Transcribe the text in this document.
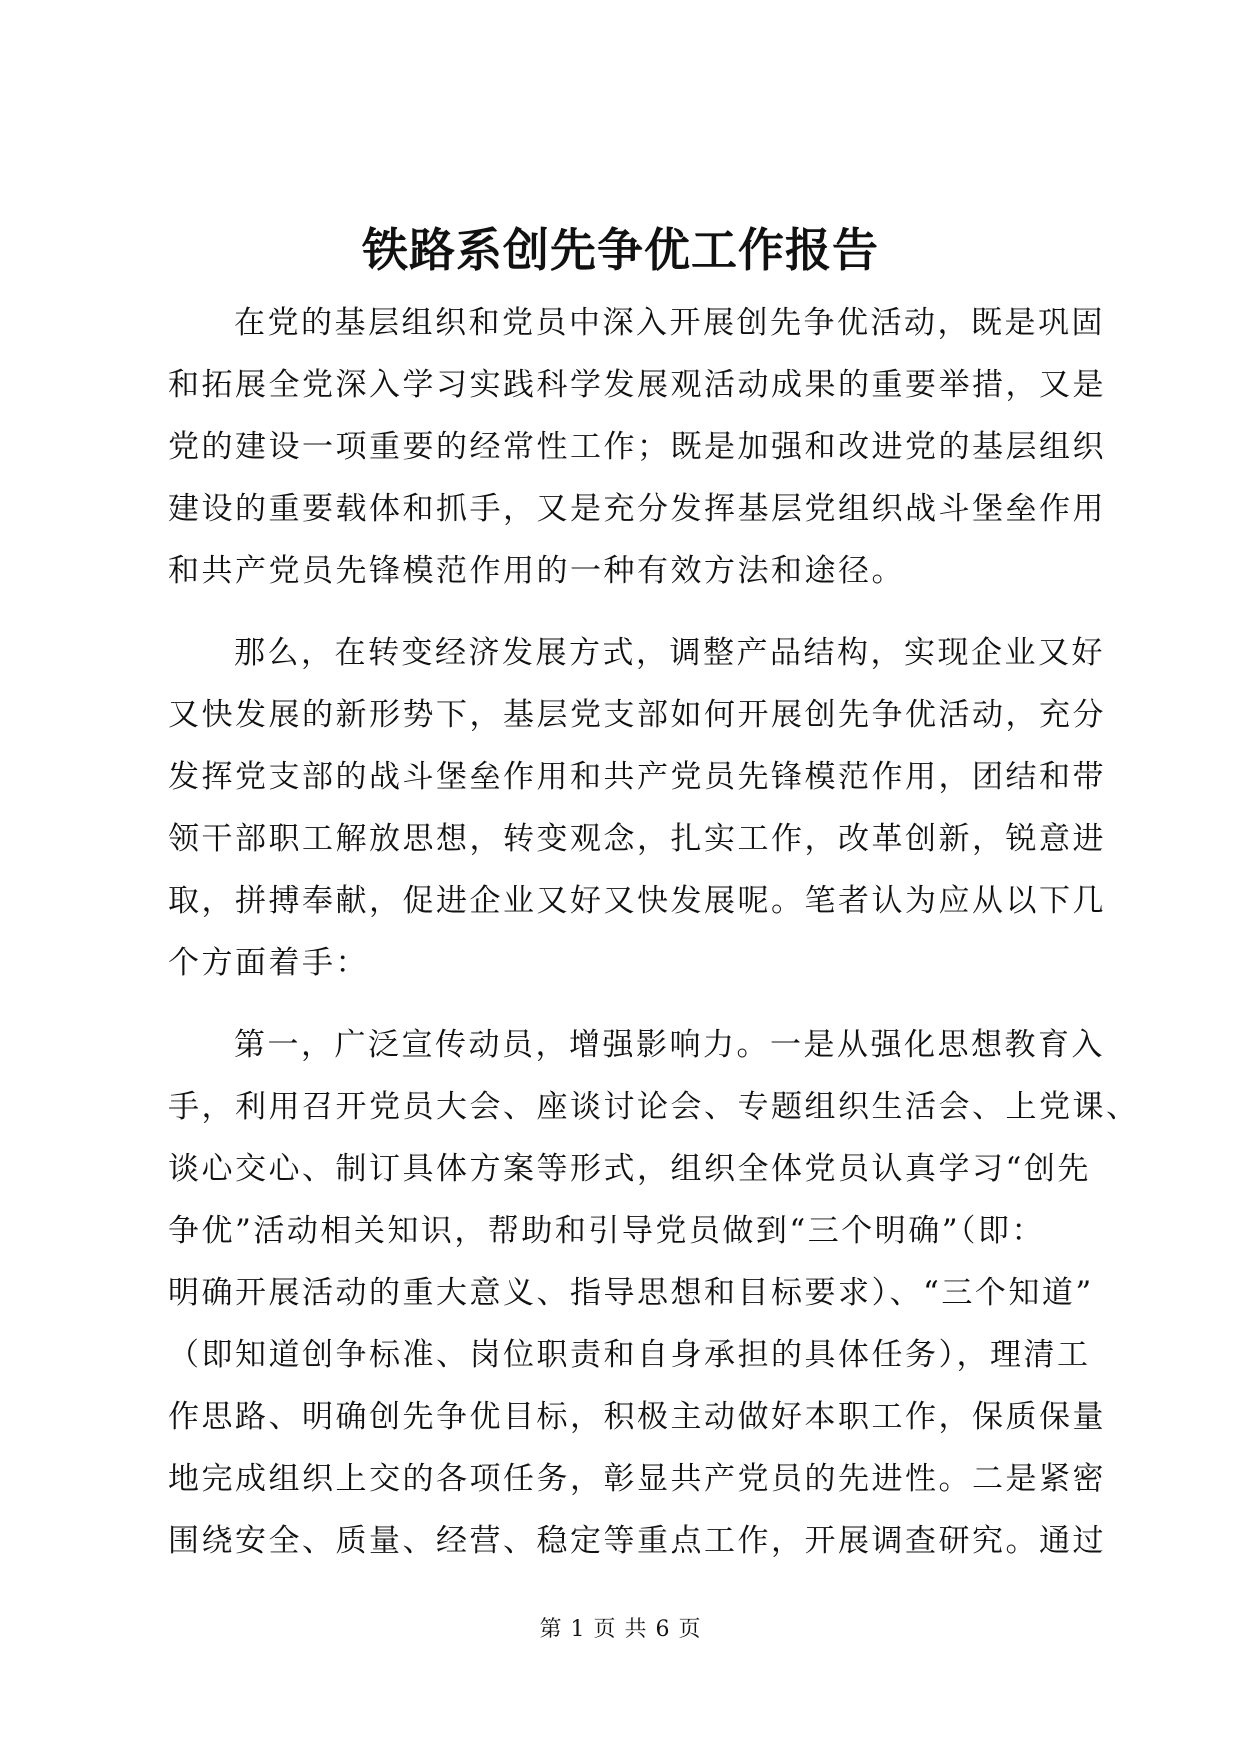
铁路系创先争优工作报告
在党的基层组织和党员中深入开展创先争优活动，既是巩固
和拓展全党深入学习实践科学发展观活动成果的重要举措，又是
党的建设一项重要的经常性工作；既是加强和改进党的基层组织
建设的重要载体和抓手，又是充分发挥基层党组织战斗堡垒作用
和共产党员先锋模范作用的一种有效方法和途径。
那么，在转变经济发展方式，调整产品结构，实现企业又好
又快发展的新形势下，基层党支部如何开展创先争优活动，充分
发挥党支部的战斗堡垒作用和共产党员先锋模范作用，团结和带
领干部职工解放思想，转变观念，扎实工作，改革创新，锐意进
取，拼搏奉献，促进企业又好又快发展呢。笔者认为应从以下几
个方面着手：
第一，广泛宣传动员，增强影响力。一是从强化思想教育入
手，利用召开党员大会、座谈讨论会、专题组织生活会、上党课、
谈心交心、制订具体方案等形式，组织全体党员认真学习“创先
争优”活动相关知识，帮助和引导党员做到“三个明确”（即：
明确开展活动的重大意义、指导思想和目标要求）、“三个知道”
（即知道创争标准、岗位职责和自身承担的具体任务），理清工
作思路、明确创先争优目标，积极主动做好本职工作，保质保量
地完成组织上交的各项任务，彰显共产党员的先进性。二是紧密
围绕安全、质量、经营、稳定等重点工作，开展调查研究。通过
第 1 页 共 6 页
